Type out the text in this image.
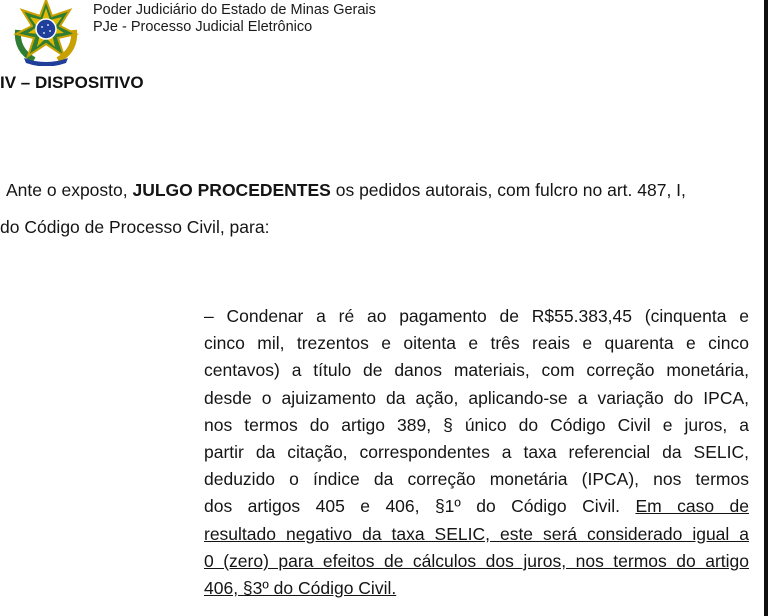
Poder Judiciário do Estado de Minas Gerais
PJe - Processo Judicial Eletrônico
IV – DISPOSITIVO
Ante o exposto, JULGO PROCEDENTES os pedidos autorais, com fulcro no art. 487, I,
do Código de Processo Civil, para:
– Condenar a ré ao pagamento de R$55.383,45 (cinquenta e
cinco mil, trezentos e oitenta e três reais e quarenta e cinco
centavos) a título de danos materiais, com correção monetária,
desde o ajuizamento da ação, aplicando-se a variação do IPCA,
nos termos do artigo 389, § único do Código Civil e juros, a
partir da citação, correspondentes a taxa referencial da SELIC,
deduzido o índice da correção monetária (IPCA), nos termos
dos artigos 405 e 406, §1º do Código Civil. Em caso de
resultado negativo da taxa SELIC, este será considerado igual a
0 (zero) para efeitos de cálculos dos juros, nos termos do artigo
406, §3º do Código Civil.
